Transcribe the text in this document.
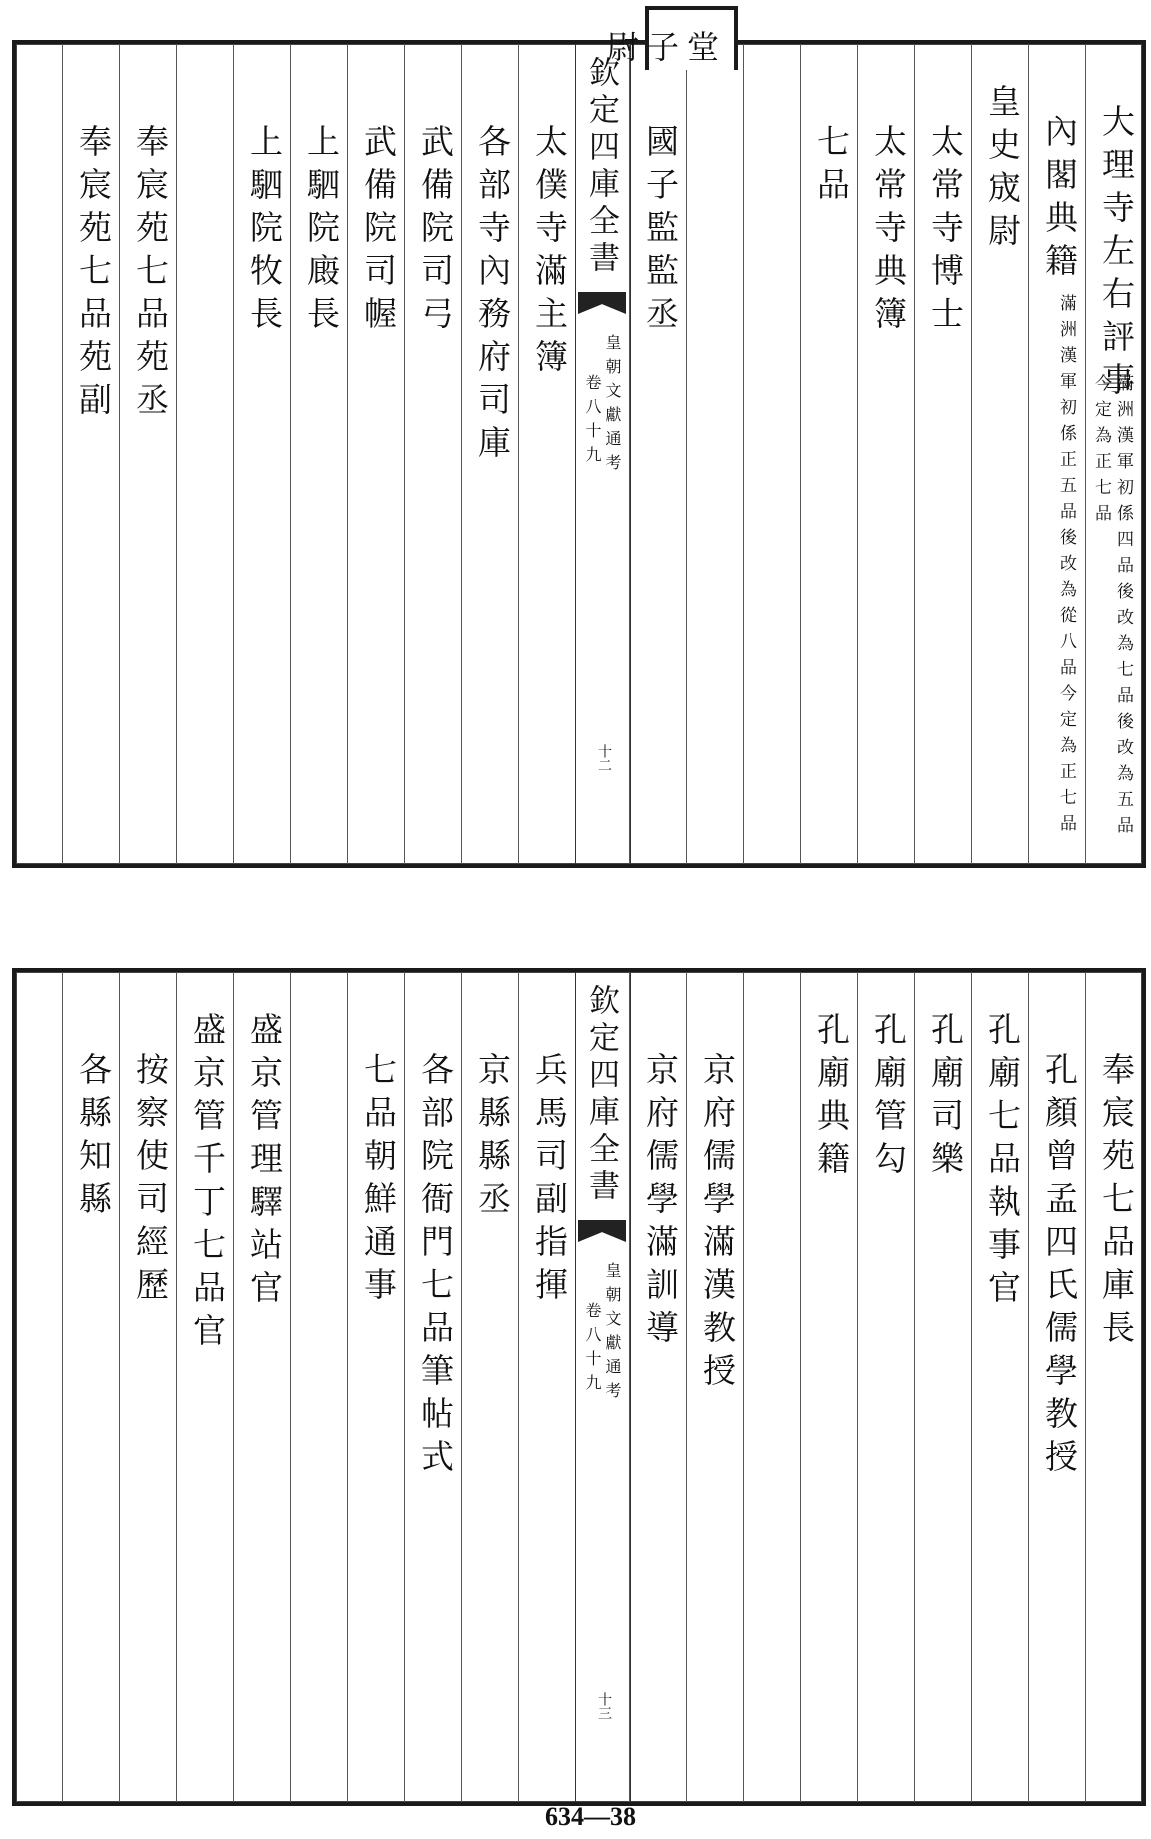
堂子尉
大理寺左右評事
滿洲漢軍初係四品後改為七品後改為五品今定為正七品
內閣典籍
滿洲漢軍初係正五品後改為從八品今定為正七品
皇史宬尉
太常寺博士
太常寺典簿
七品
國子監監丞
欽定四庫全書
皇朝文獻通考
卷八十九
十二
太僕寺滿主簿
各部寺內務府司庫
武備院司弓
武備院司幄
上駟院廄長
上駟院牧長
奉宸苑七品苑丞
奉宸苑七品苑副
奉宸苑七品庫長
孔顏曾孟四氏儒學教授
孔廟七品執事官
孔廟司樂
孔廟管勾
孔廟典籍
京府儒學滿漢教授
京府儒學滿訓導
欽定四庫全書
皇朝文獻通考
卷八十九
十三
兵馬司副指揮
京縣縣丞
各部院衙門七品筆帖式
七品朝鮮通事
盛京管理驛站官
盛京管千丁七品官
按察使司經歷
各縣知縣
634—38
